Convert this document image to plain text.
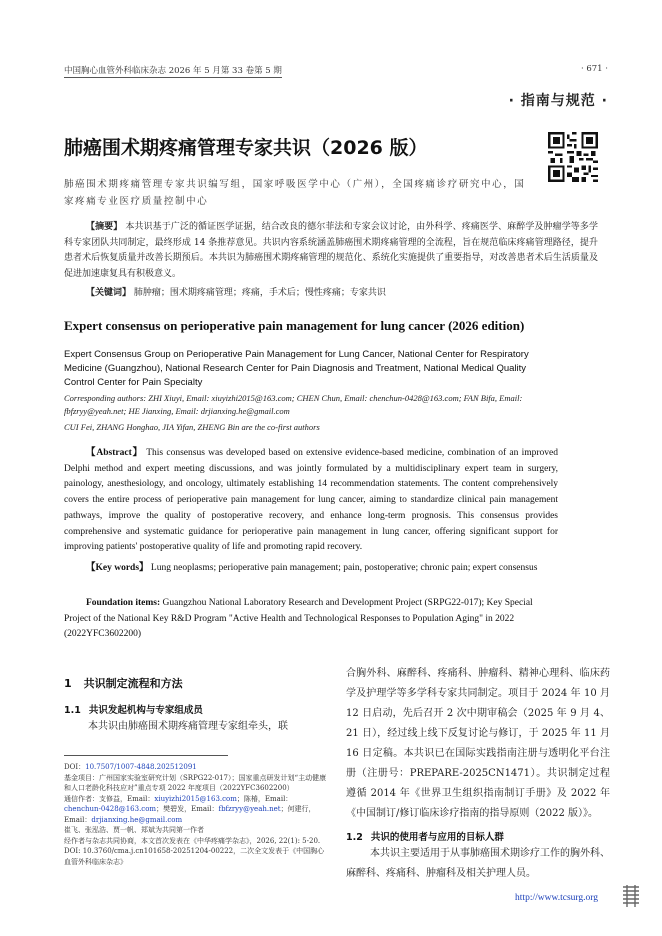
中国胸心血管外科临床杂志 2026 年 5 月第 33 卷第 5 期	· 671 ·
· 指南与规范 ·
肺癌围术期疼痛管理专家共识（2026 版）
肺癌围术期疼痛管理专家共识编写组，国家呼吸医学中心（广州），全国疼痛诊疗研究中心，国家疼痛专业医疗质量控制中心
【摘要】 本共识基于广泛的循证医学证据，结合改良的德尔菲法和专家会议讨论，由外科学、疼痛医学、麻醉学及肿瘤学等多学科专家团队共同制定，最终形成 14 条推荐意见。共识内容系统涵盖肺癌围术期疼痛管理的全流程，旨在规范临床疼痛管理路径，提升患者术后恢复质量并改善长期预后。本共识为肺癌围术期疼痛管理的规范化、系统化实施提供了重要指导，对改善患者术后生活质量及促进加速康复具有积极意义。
【关键词】 肺肿瘤；围术期疼痛管理；疼痛，手术后；慢性疼痛；专家共识
Expert consensus on perioperative pain management for lung cancer (2026 edition)
Expert Consensus Group on Perioperative Pain Management for Lung Cancer, National Center for Respiratory Medicine (Guangzhou), National Research Center for Pain Diagnosis and Treatment, National Medical Quality Control Center for Pain Specialty
Corresponding authors: ZHI Xiuyi, Email: xiuyizhi2015@163.com; CHEN Chun, Email: chenchun-0428@163.com; FAN Bifa, Email: fbfzryy@yeah.net; HE Jianxing, Email: drjianxing.he@gmail.com
CUI Fei, ZHANG Honghao, JIA Yifan, ZHENG Bin are the co-first authors
【Abstract】 This consensus was developed based on extensive evidence-based medicine, combination of an improved Delphi method and expert meeting discussions, and was jointly formulated by a multidisciplinary expert team in surgery, painology, anesthesiology, and oncology, ultimately establishing 14 recommendation statements. The content comprehensively covers the entire process of perioperative pain management for lung cancer, aiming to standardize clinical pain management pathways, improve the quality of postoperative recovery, and enhance long-term prognosis. This consensus provides comprehensive and systematic guidance for perioperative pain management in lung cancer, offering significant support for improving patients' postoperative quality of life and promoting rapid recovery.
【Key words】 Lung neoplasms; perioperative pain management; pain, postoperative; chronic pain; expert consensus
Foundation items: Guangzhou National Laboratory Research and Development Project (SRPG22-017); Key Special Project of the National Key R&D Program "Active Health and Technological Responses to Population Aging" in 2022 (2022YFC3602200)
1 共识制定流程和方法
1.1 共识发起机构与专家组成员
本共识由肺癌围术期疼痛管理专家组牵头，联
DOI：10.7507/1007-4848.202512091
基金项目：广州国家实验室研究计划（SRPG22-017）；国家重点研发计划“主动健康和人口老龄化科技应对”重点专项 2022 年度项目（2022YFC3602200）
通信作者：支修益，Email：xiuyizhi2015@163.com；陈椿，Email：chenchun-0428@163.com；樊碧发，Email：fbfzryy@yeah.net；何建行，Email：drjianxing.he@gmail.com
崔飞、张泓浩、贾一帆、郑斌为共同第一作者
经作者与杂志共同协商，本文首次发表在《中华疼痛学杂志》，2026, 22(1): 5-20. DOI: 10.3760/cma.j.cn101658-20251204-00222，二次全文发表于《中国胸心血管外科临床杂志》
合胸外科、麻醉科、疼痛科、肿瘤科、精神心理科、临床药学及护理学等多学科专家共同制定。项目于 2024 年 10 月 12 日启动，先后召开 2 次中期审稿会（2025 年 9 月 4、21 日），经过线上线下反复讨论与修订，于 2025 年 11 月 16 日定稿。本共识已在国际实践指南注册与透明化平台注册（注册号：PREPARE-2025CN1471）。共识制定过程遵循 2014 年《世界卫生组织指南制订手册》及 2022 年《中国制订/修订临床诊疗指南的指导原则（2022 版）》。
1.2 共识的使用者与应用的目标人群
本共识主要适用于从事肺癌围术期诊疗工作的胸外科、麻醉科、疼痛科、肿瘤科及相关护理人员。
http://www.tcsurg.org
